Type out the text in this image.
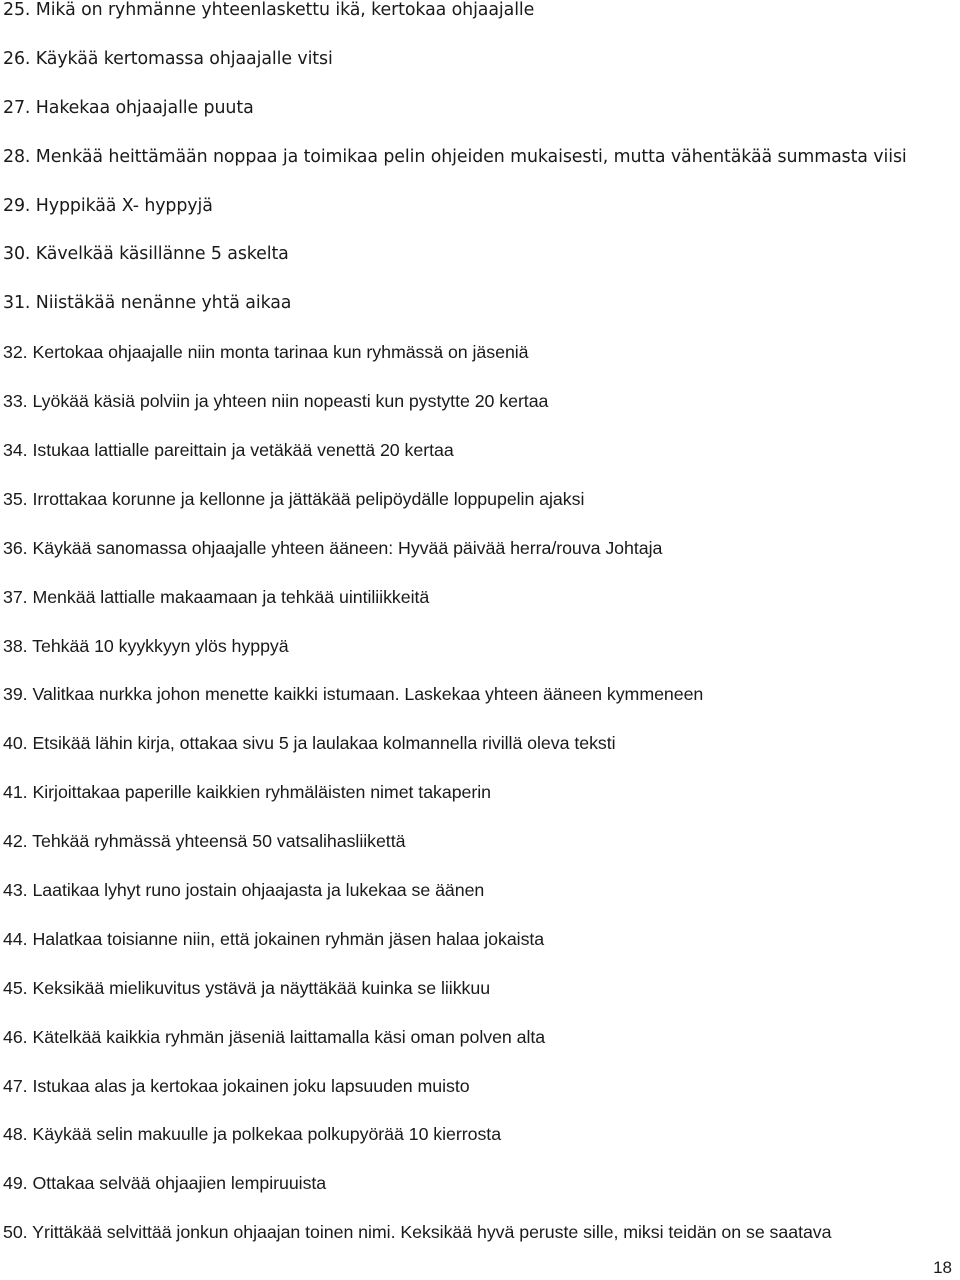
25. Mikä on ryhmänne yhteenlaskettu ikä, kertokaa ohjaajalle
26. Käykää kertomassa ohjaajalle vitsi
27. Hakekaa ohjaajalle puuta
28. Menkää heittämään noppaa ja toimikaa pelin ohjeiden mukaisesti, mutta vähentäkää summasta viisi
29. Hyppikää X- hyppyjä
30. Kävelkää käsillänne 5 askelta
31. Niistäkää nenänne yhtä aikaa
32. Kertokaa ohjaajalle niin monta tarinaa kun ryhmässä on jäseniä
33. Lyökää käsiä polviin ja yhteen niin nopeasti kun pystytte 20 kertaa
34. Istukaa lattialle pareittain ja vetäkää venettä 20 kertaa
35. Irrottakaa korunne ja kellonne ja jättäkää pelipöydälle loppupelin ajaksi
36. Käykää sanomassa ohjaajalle yhteen ääneen: Hyvää päivää herra/rouva Johtaja
37. Menkää lattialle makaamaan ja tehkää uintiliikkeitä
38. Tehkää 10 kyykkyyn ylös hyppyä
39. Valitkaa nurkka johon menette kaikki istumaan. Laskekaa yhteen ääneen kymmeneen
40. Etsikää lähin kirja, ottakaa sivu 5 ja laulakaa kolmannella rivillä oleva teksti
41. Kirjoittakaa paperille kaikkien ryhmäläisten nimet takaperin
42. Tehkää ryhmässä yhteensä 50 vatsalihasliikettä
43. Laatikaa lyhyt runo jostain ohjaajasta ja lukekaa se äänen
44. Halatkaa toisianne niin, että jokainen ryhmän jäsen halaa jokaista
45. Keksikää mielikuvitus ystävä ja näyttäkää kuinka se liikkuu
46. Kätelkää kaikkia ryhmän jäseniä laittamalla käsi oman polven alta
47. Istukaa alas ja kertokaa jokainen joku lapsuuden muisto
48. Käykää selin makuulle ja polkekaa polkupyörää 10 kierrosta
49. Ottakaa selvää ohjaajien lempiruuista
50. Yrittäkää selvittää jonkun ohjaajan toinen nimi. Keksikää hyvä peruste sille, miksi teidän on se saatava
18
